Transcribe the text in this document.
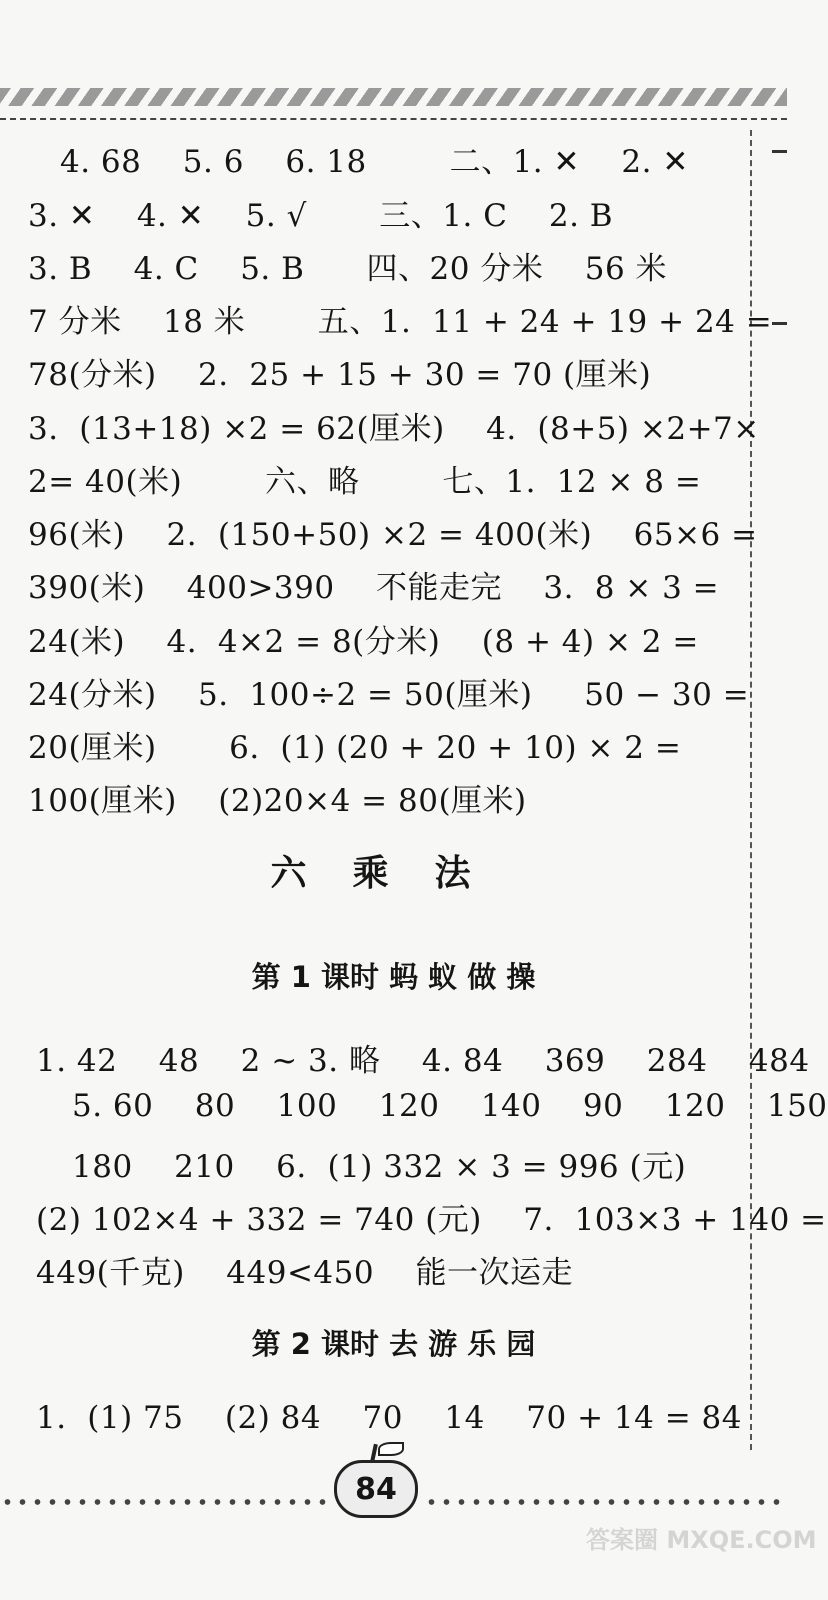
4. 68    5. 6    6. 18        二、1. ✕    2. ✕
3. ✕    4. ✕    5. √       三、1. C    2. B
3. B    4. C    5. B      四、20 分米    56 米
7 分米    18 米       五、1.  11 + 24 + 19 + 24 =
78(分米)    2.  25 + 15 + 30 = 70 (厘米)
3.  (13+18) ×2 = 62(厘米)    4.  (8+5) ×2+7×
2= 40(米)        六、略        七、1.  12 × 8 =
96(米)    2.  (150+50) ×2 = 400(米)    65×6 =
390(米)    400>390    不能走完    3.  8 × 3 =
24(米)    4.  4×2 = 8(分米)    (8 + 4) × 2 =
24(分米)    5.  100÷2 = 50(厘米)     50 − 30 =
20(厘米)       6.  (1) (20 + 20 + 10) × 2 =
100(厘米)    (2)20×4 = 80(厘米)
六乘法
第 1 课时 蚂 蚁 做 操
1. 42    48    2 ~ 3. 略    4. 84    369    284    484
5. 60    80    100    120    140    90    120    150
180    210    6.  (1) 332 × 3 = 996 (元)
(2) 102×4 + 332 = 740 (元)    7.  103×3 + 140 =
449(千克)    449<450    能一次运走
第 2 课时 去 游 乐 园
1.  (1) 75    (2) 84    70    14    70 + 14 = 84
84
答案圈 MXQE.COM
